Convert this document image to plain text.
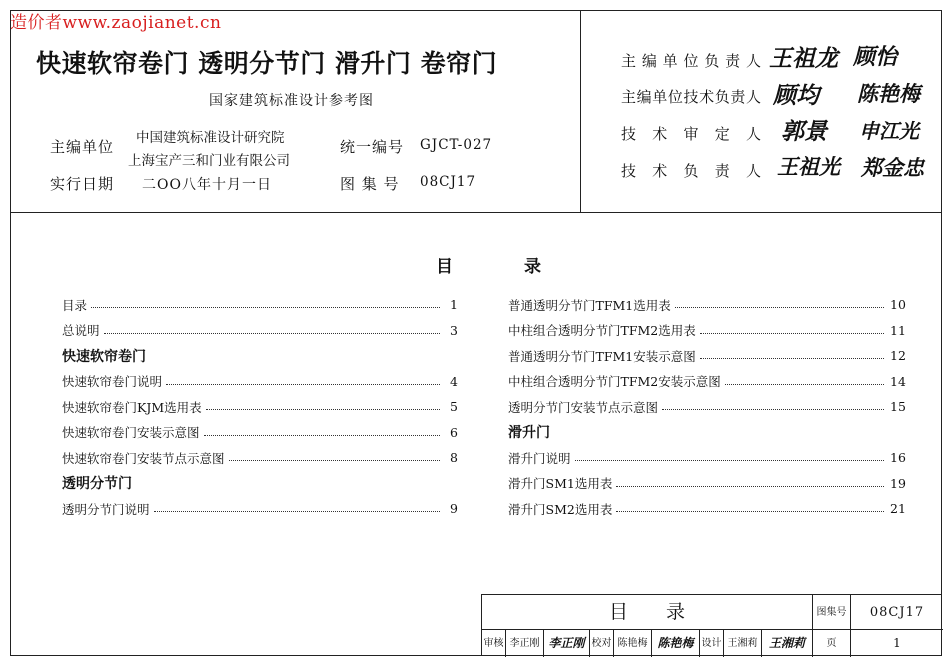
造价者www.zaojianet.cn
快速软帘卷门 透明分节门 滑升门 卷帘门
国家建筑标准设计参考图
主编单位 中国建筑标准设计研究院
上海宝产三和门业有限公司
实行日期 二OO八年十月一日
统一编号 GJCT-027
图 集 号 08CJ17
主编单位负责人 王祖龙 顾怡
主编单位技术负责人 顾均 陈艳梅
技术审定人 郭景 申江光
技术负责人 王祖光 郑金忠
目	录
目录	1
总说明	3
快速软帘卷门
快速软帘卷门说明	4
快速软帘卷门KJM选用表	5
快速软帘卷门安装示意图	6
快速软帘卷门安装节点示意图	8
透明分节门
透明分节门说明	9
普通透明分节门TFM1选用表	10
中柱组合透明分节门TFM2选用表	11
普通透明分节门TFM1安装示意图	12
中柱组合透明分节门TFM2安装示意图	14
透明分节门安装节点示意图	15
滑升门
滑升门说明	16
滑升门SM1选用表	19
滑升门SM2选用表	21
目录	图集号	08CJ17
审核 李正刚 李正刚 校对 陈艳梅 陈艳梅 设计 王湘莉 王湘莉	页	1
